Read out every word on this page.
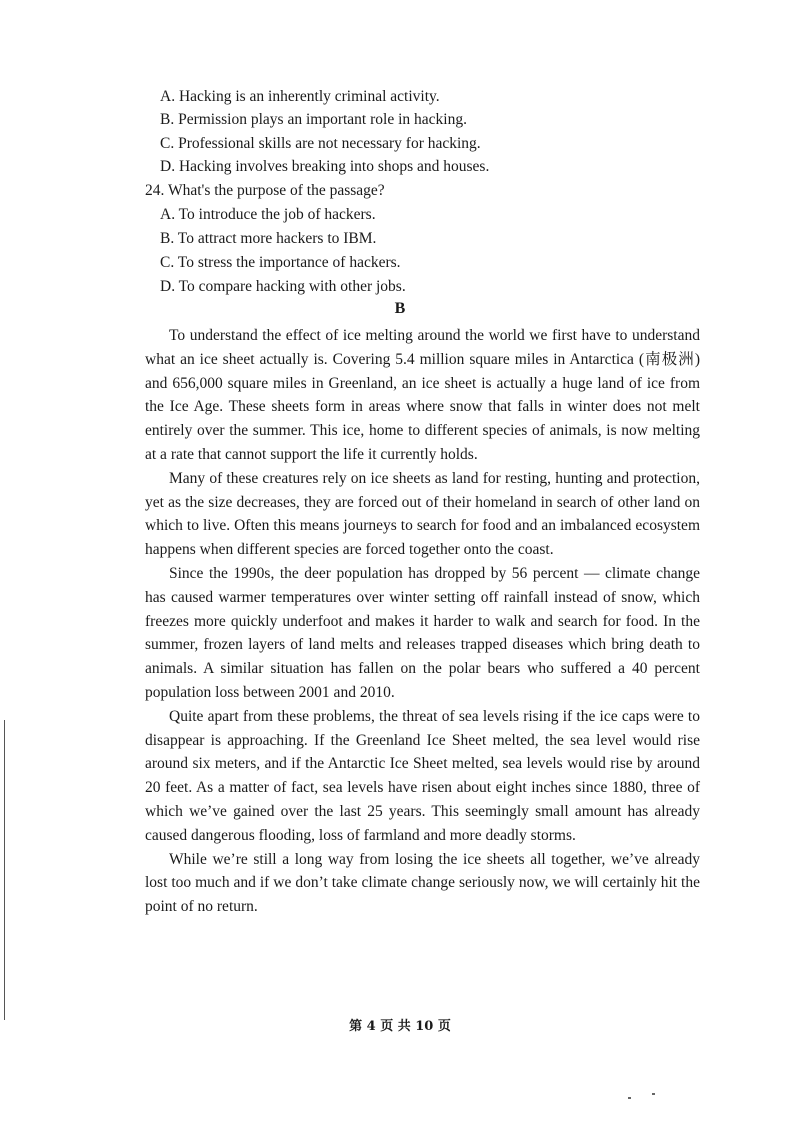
A. Hacking is an inherently criminal activity.
B. Permission plays an important role in hacking.
C. Professional skills are not necessary for hacking.
D. Hacking involves breaking into shops and houses.
24. What's the purpose of the passage?
A. To introduce the job of hackers.
B. To attract more hackers to IBM.
C. To stress the importance of hackers.
D. To compare hacking with other jobs.
B

To understand the effect of ice melting around the world we first have to understand what an ice sheet actually is. Covering 5.4 million square miles in Antarctica (南极洲) and 656,000 square miles in Greenland, an ice sheet is actually a huge land of ice from the Ice Age. These sheets form in areas where snow that falls in winter does not melt entirely over the summer. This ice, home to different species of animals, is now melting at a rate that cannot support the life it currently holds.

Many of these creatures rely on ice sheets as land for resting, hunting and protection, yet as the size decreases, they are forced out of their homeland in search of other land on which to live. Often this means journeys to search for food and an imbalanced ecosystem happens when different species are forced together onto the coast.

Since the 1990s, the deer population has dropped by 56 percent — climate change has caused warmer temperatures over winter setting off rainfall instead of snow, which freezes more quickly underfoot and makes it harder to walk and search for food. In the summer, frozen layers of land melts and releases trapped diseases which bring death to animals. A similar situation has fallen on the polar bears who suffered a 40 percent population loss between 2001 and 2010.

Quite apart from these problems, the threat of sea levels rising if the ice caps were to disappear is approaching. If the Greenland Ice Sheet melted, the sea level would rise around six meters, and if the Antarctic Ice Sheet melted, sea levels would rise by around 20 feet. As a matter of fact, sea levels have risen about eight inches since 1880, three of which we’ve gained over the last 25 years. This seemingly small amount has already caused dangerous flooding, loss of farmland and more deadly storms.

While we’re still a long way from losing the ice sheets all together, we’ve already lost too much and if we don’t take climate change seriously now, we will certainly hit the point of no return.

第 4 页 共 10 页
